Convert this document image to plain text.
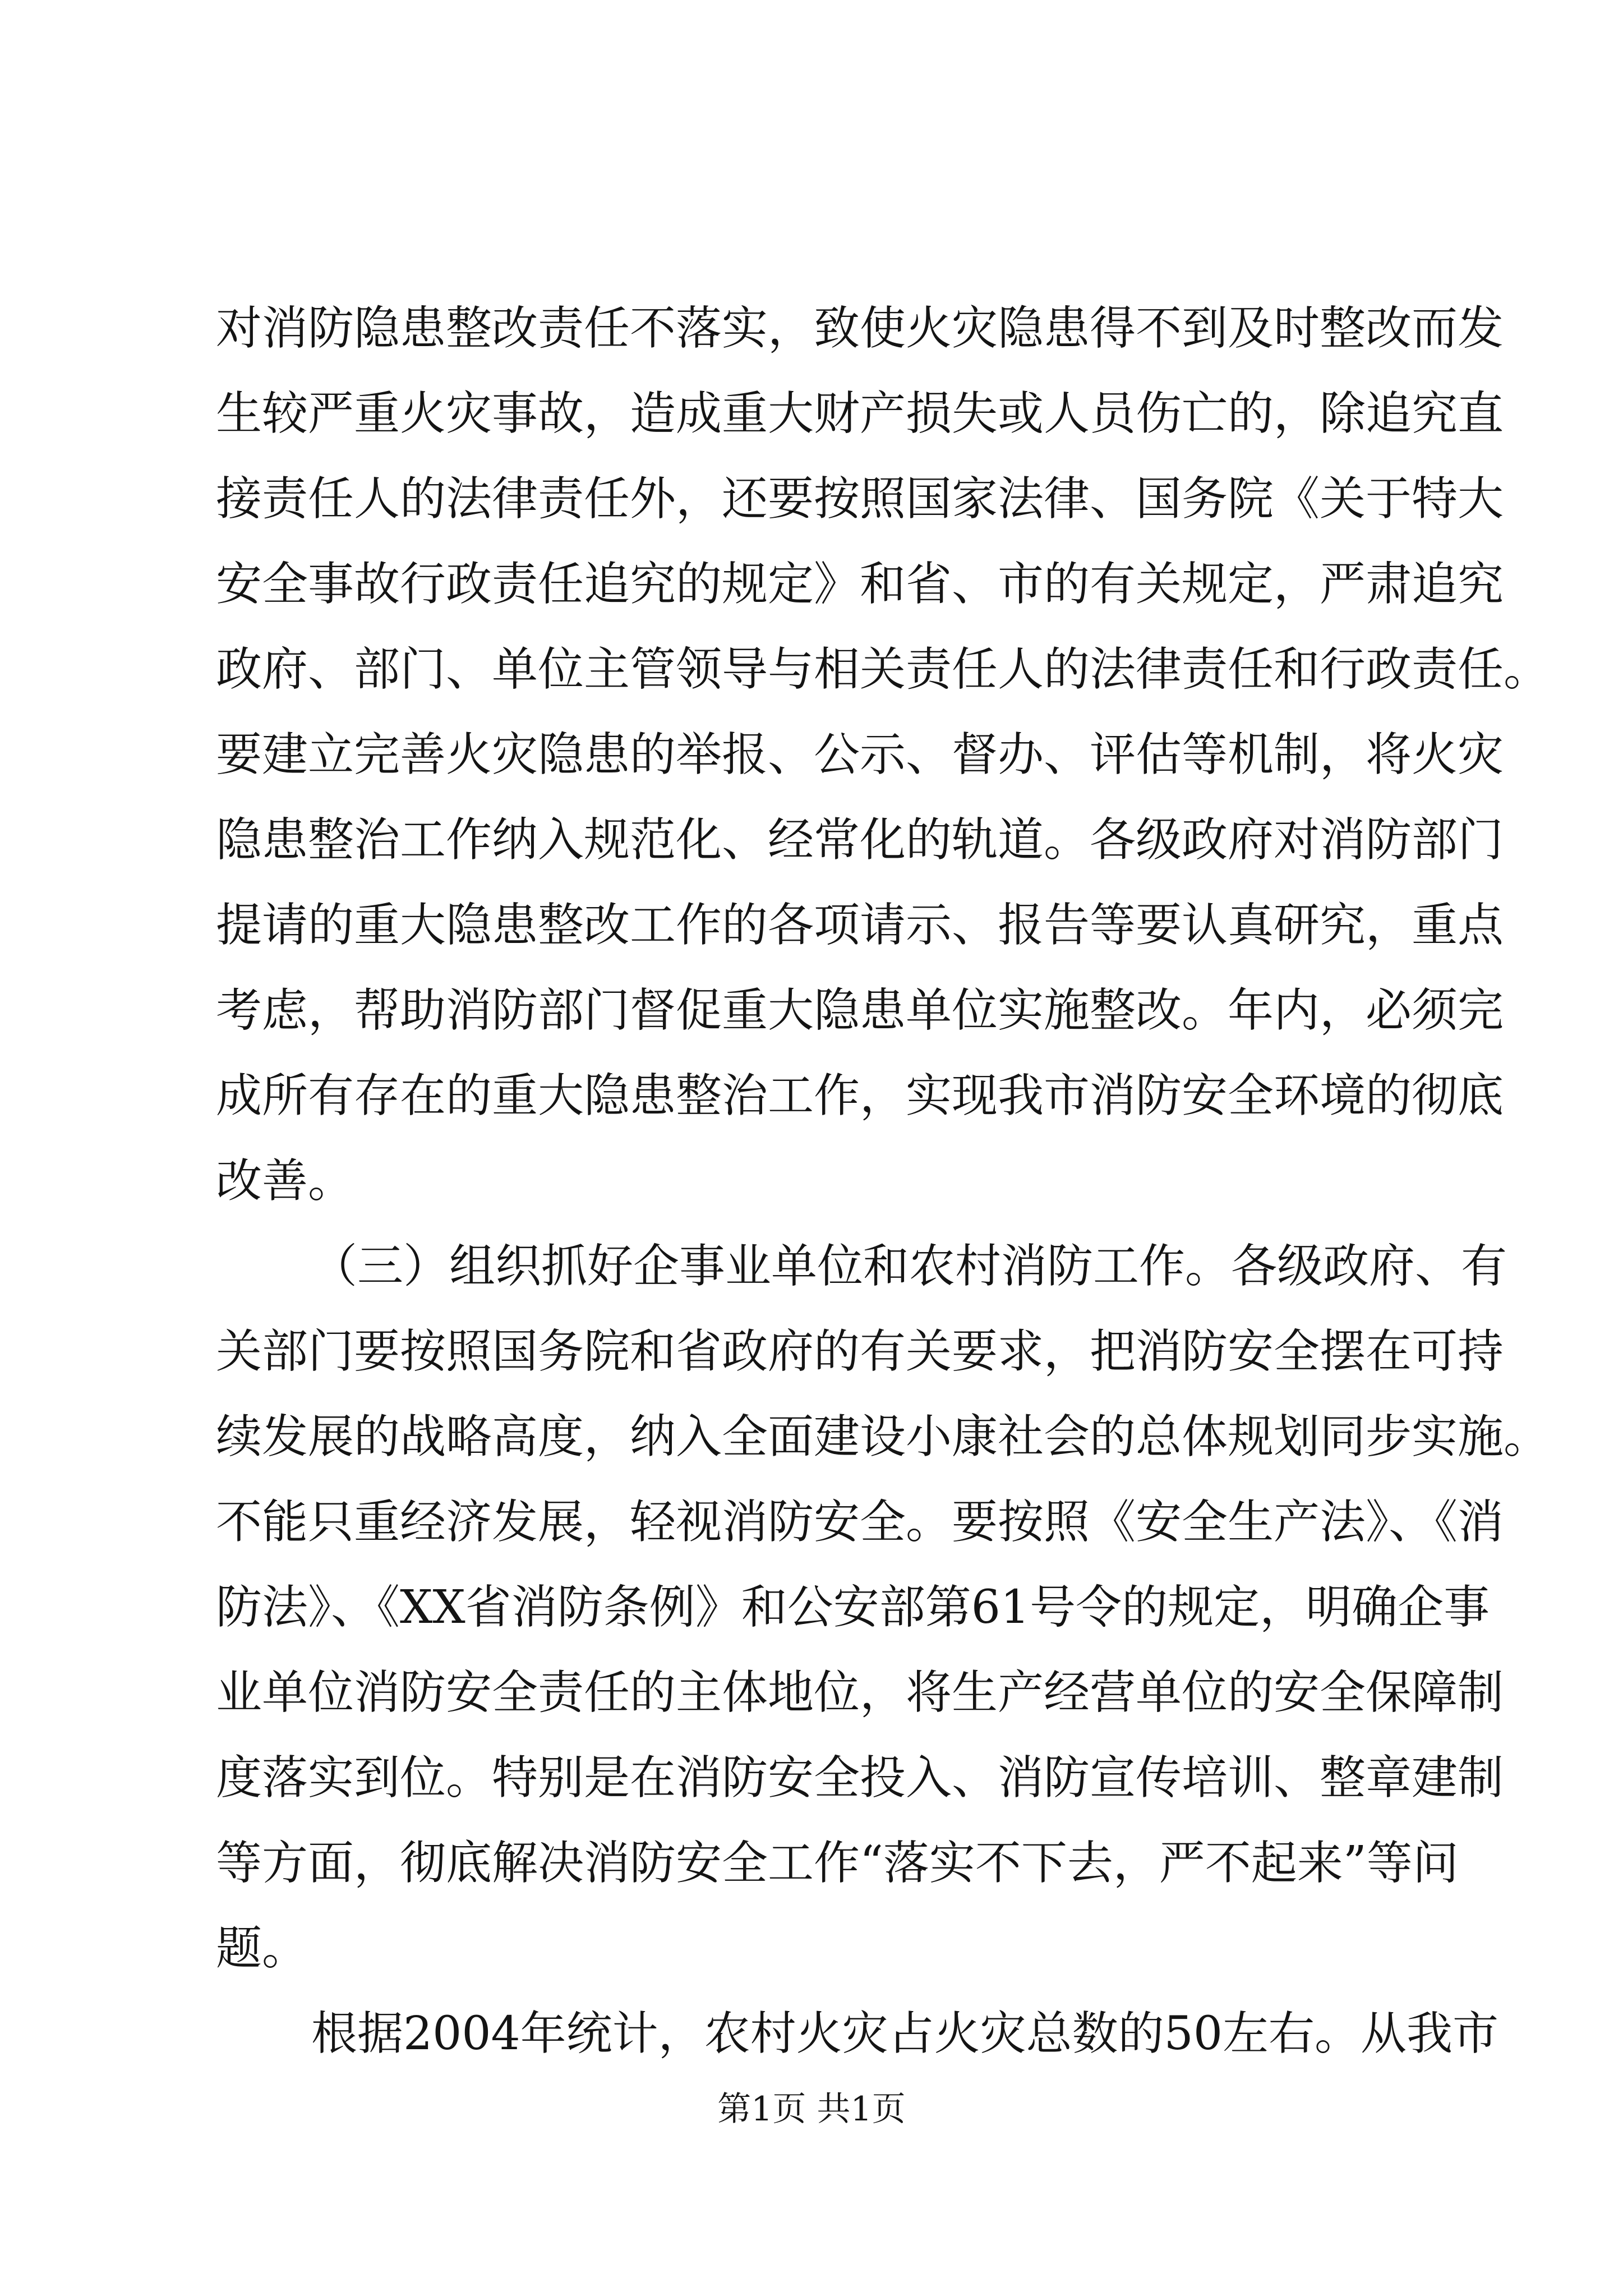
对消防隐患整改责任不落实，致使火灾隐患得不到及时整改而发
生较严重火灾事故，造成重大财产损失或人员伤亡的，除追究直
接责任人的法律责任外，还要按照国家法律、国务院《关于特大
安全事故行政责任追究的规定》和省、市的有关规定，严肃追究
政府、部门、单位主管领导与相关责任人的法律责任和行政责任。
要建立完善火灾隐患的举报、公示、督办、评估等机制，将火灾
隐患整治工作纳入规范化、经常化的轨道。各级政府对消防部门
提请的重大隐患整改工作的各项请示、报告等要认真研究，重点
考虑，帮助消防部门督促重大隐患单位实施整改。年内，必须完
成所有存在的重大隐患整治工作，实现我市消防安全环境的彻底
改善。
（三）组织抓好企事业单位和农村消防工作。各级政府、有
关部门要按照国务院和省政府的有关要求，把消防安全摆在可持
续发展的战略高度，纳入全面建设小康社会的总体规划同步实施。
不能只重经济发展，轻视消防安全。要按照《安全生产法》、《消
防法》、《XX省消防条例》和公安部第61号令的规定，明确企事
业单位消防安全责任的主体地位，将生产经营单位的安全保障制
度落实到位。特别是在消防安全投入、消防宣传培训、整章建制
等方面，彻底解决消防安全工作“落实不下去，严不起来”等问
题。
根据2004年统计，农村火灾占火灾总数的50左右。从我市
第1页 共1页
